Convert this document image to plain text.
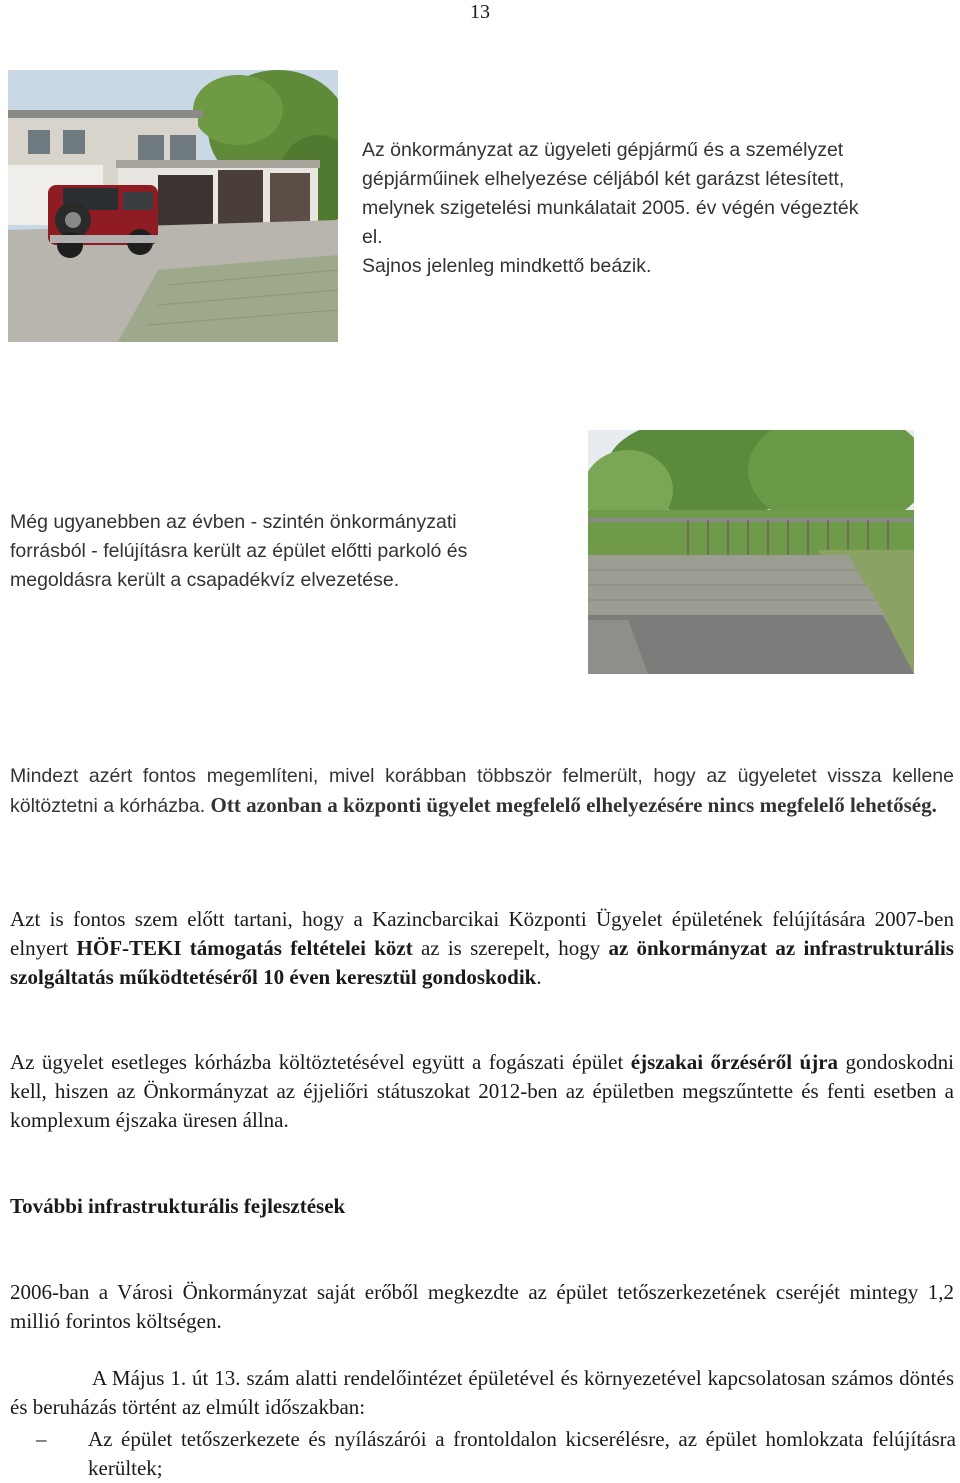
13
Az önkormányzat az ügyeleti gépjármű és a személyzet
gépjárműinek elhelyezése céljából két garázst létesített,
melynek szigetelési munkálatait 2005. év végén végezték
el.
Sajnos jelenleg mindkettő beázik.
Még ugyanebben az évben - szintén önkormányzati
forrásból - felújításra került az épület előtti parkoló és
megoldásra került a csapadékvíz elvezetése.
Mindezt azért fontos megemlíteni, mivel korábban többször felmerült, hogy az ügyeletet vissza kellene költöztetni a kórházba. Ott azonban a központi ügyelet megfelelő elhelyezésére nincs megfelelő lehetőség.
Azt is fontos szem előtt tartani, hogy a Kazincbarcikai Központi Ügyelet épületének felújítására 2007-ben elnyert HÖF-TEKI támogatás feltételei közt az is szerepelt, hogy az önkormányzat az infrastrukturális szolgáltatás működtetéséről 10 éven keresztül gondoskodik.
Az ügyelet esetleges kórházba költöztetésével együtt a fogászati épület éjszakai őrzéséről újra gondoskodni kell, hiszen az Önkormányzat az éjjeliőri státuszokat 2012-ben az épületben megszűntette és fenti esetben a komplexum éjszaka üresen állna.
További infrastrukturális fejlesztések
2006-ban a Városi Önkormányzat saját erőből megkezdte az épület tetőszerkezetének cseréjét mintegy 1,2 millió forintos költségen.
A Május 1. út 13. szám alatti rendelőintézet épületével és környezetével kapcsolatosan számos döntés és beruházás történt az elmúlt időszakban:
–	Az épület tetőszerkezete és nyílászárói a frontoldalon kicserélésre, az épület homlokzata felújításra kerültek;
